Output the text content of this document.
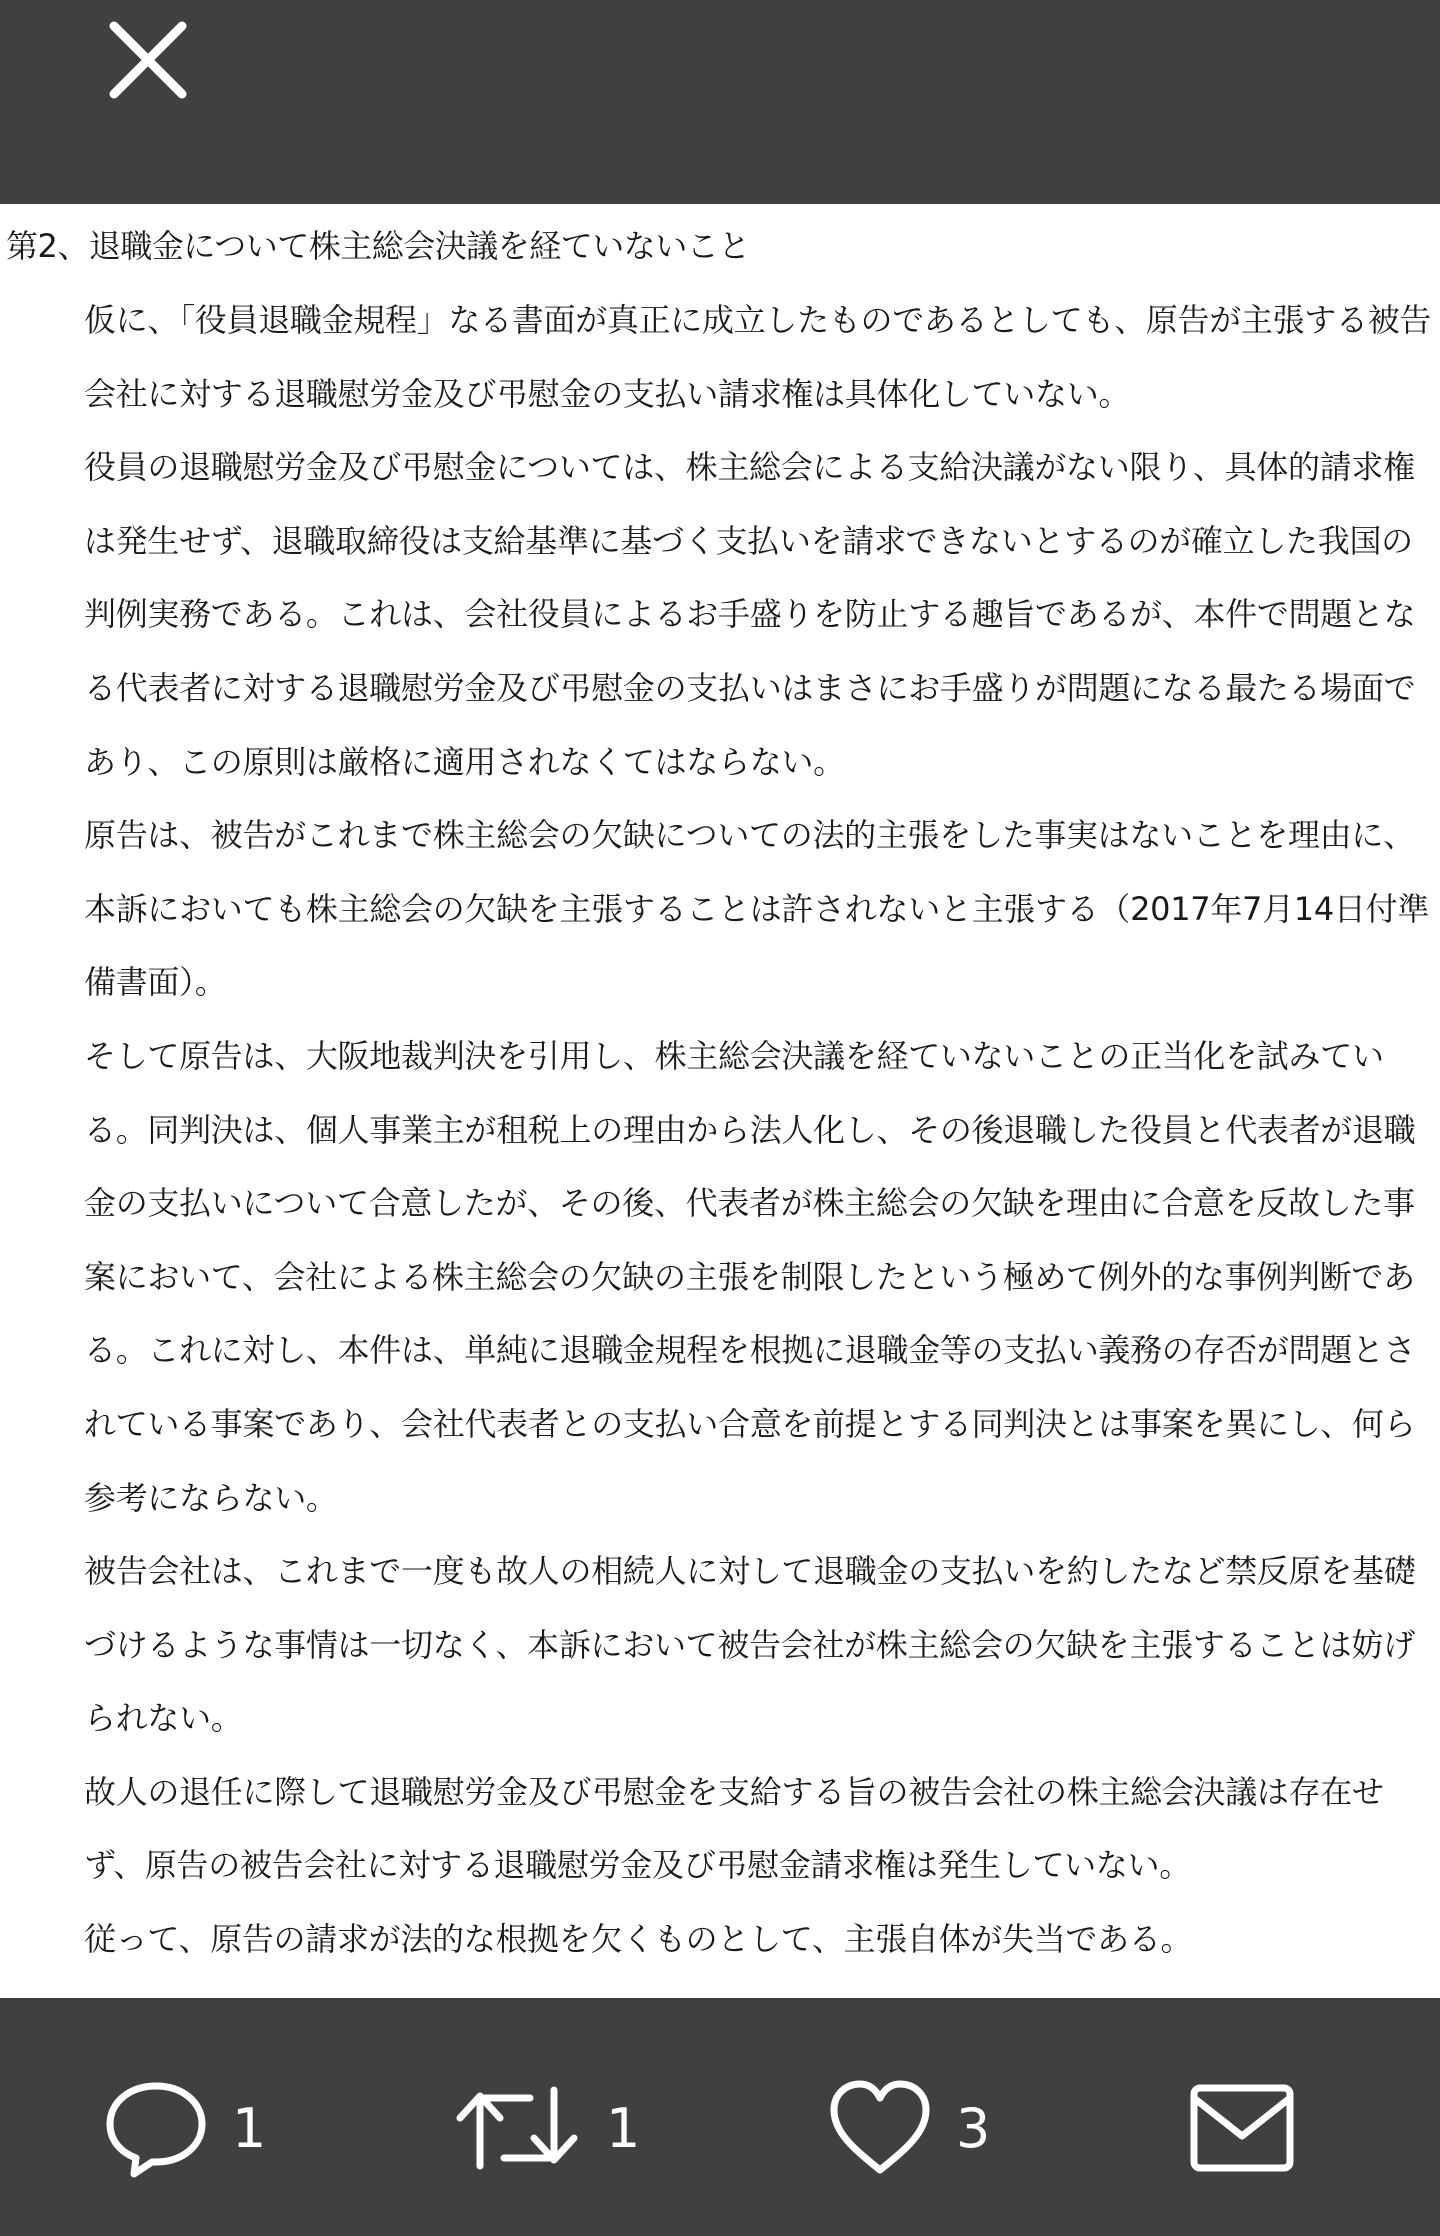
第2、退職金について株主総会決議を経ていないこと

仮に、「役員退職金規程」なる書面が真正に成立したものであるとしても、原告が主張する被告会社に対する退職慰労金及び弔慰金の支払い請求権は具体化していない。

役員の退職慰労金及び弔慰金については、株主総会による支給決議がない限り、具体的請求権は発生せず、退職取締役は支給基準に基づく支払いを請求できないとするのが確立した我国の判例実務である。これは、会社役員によるお手盛りを防止する趣旨であるが、本件で問題となる代表者に対する退職慰労金及び弔慰金の支払いはまさにお手盛りが問題になる最たる場面であり、この原則は厳格に適用されなくてはならない。

原告は、被告がこれまで株主総会の欠缺についての法的主張をした事実はないことを理由に、本訴においても株主総会の欠缺を主張することは許されないと主張する（2017年7月14日付準備書面）。

そして原告は、大阪地裁判決を引用し、株主総会決議を経ていないことの正当化を試みている。同判決は、個人事業主が租税上の理由から法人化し、その後退職した役員と代表者が退職金の支払いについて合意したが、その後、代表者が株主総会の欠缺を理由に合意を反故した事案において、会社による株主総会の欠缺の主張を制限したという極めて例外的な事例判断である。これに対し、本件は、単純に退職金規程を根拠に退職金等の支払い義務の存否が問題とされている事案であり、会社代表者との支払い合意を前提とする同判決とは事案を異にし、何ら参考にならない。

被告会社は、これまで一度も故人の相続人に対して退職金の支払いを約したなど禁反原を基礎づけるような事情は一切なく、本訴において被告会社が株主総会の欠缺を主張することは妨げられない。

故人の退任に際して退職慰労金及び弔慰金を支給する旨の被告会社の株主総会決議は存在せず、原告の被告会社に対する退職慰労金及び弔慰金請求権は発生していない。

従って、原告の請求が法的な根拠を欠くものとして、主張自体が失当である。

1	1	3
